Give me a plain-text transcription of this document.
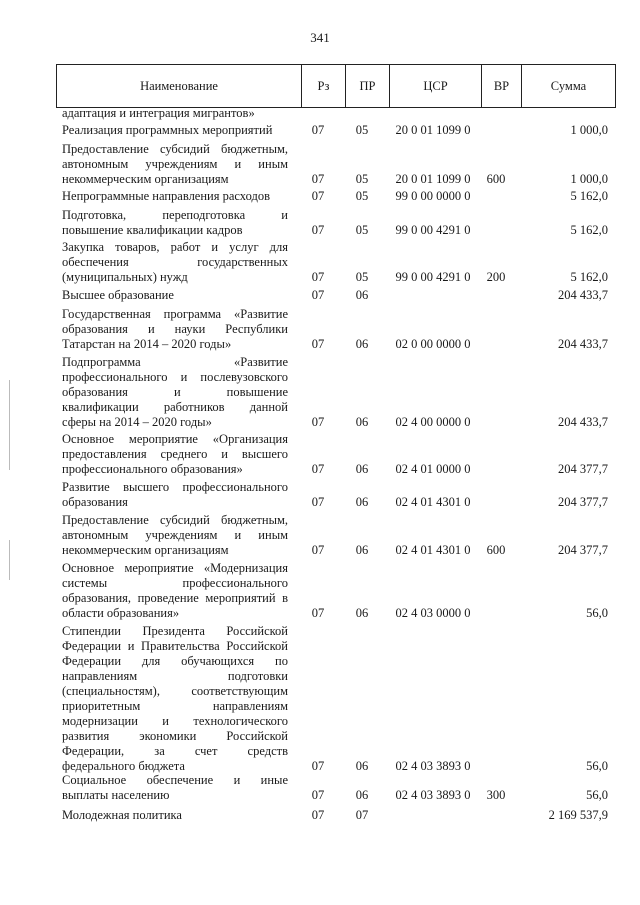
341
Наименование	Рз	ПР	ЦСР	ВР	Сумма
адаптация и интеграция мигрантов»
Реализация программных мероприятий	07	05	20 0 01 1099 0	1 000,0
Предоставление субсидий бюджетным,
автономным учреждениям и иным
некоммерческим организациям	07	05	20 0 01 1099 0	600	1 000,0
Непрограммные направления расходов	07	05	99 0 00 0000 0	5 162,0
Подготовка, переподготовка и
повышение квалификации кадров	07	05	99 0 00 4291 0	5 162,0
Закупка товаров, работ и услуг для
обеспечения государственных
(муниципальных) нужд	07	05	99 0 00 4291 0	200	5 162,0
Высшее образование	07	06	204 433,7
Государственная программа «Развитие
образования и науки Республики
Татарстан на 2014 – 2020 годы»	07	06	02 0 00 0000 0	204 433,7
Подпрограмма «Развитие
профессионального и послевузовского
образования и повышение
квалификации работников данной
сферы на 2014 – 2020 годы»	07	06	02 4 00 0000 0	204 433,7
Основное мероприятие «Организация
предоставления среднего и высшего
профессионального образования»	07	06	02 4 01 0000 0	204 377,7
Развитие высшего профессионального
образования	07	06	02 4 01 4301 0	204 377,7
Предоставление субсидий бюджетным,
автономным учреждениям и иным
некоммерческим организациям	07	06	02 4 01 4301 0	600	204 377,7
Основное мероприятие «Модернизация
системы профессионального
образования, проведение мероприятий в
области образования»	07	06	02 4 03 0000 0	56,0
Стипендии Президента Российской
Федерации и Правительства Российской
Федерации для обучающихся по
направлениям подготовки
(специальностям), соответствующим
приоритетным направлениям
модернизации и технологического
развития экономики Российской
Федерации, за счет средств
федерального бюджета	07	06	02 4 03 3893 0	56,0
Социальное обеспечение и иные
выплаты населению	07	06	02 4 03 3893 0	300	56,0
Молодежная политика	07	07	2 169 537,9
